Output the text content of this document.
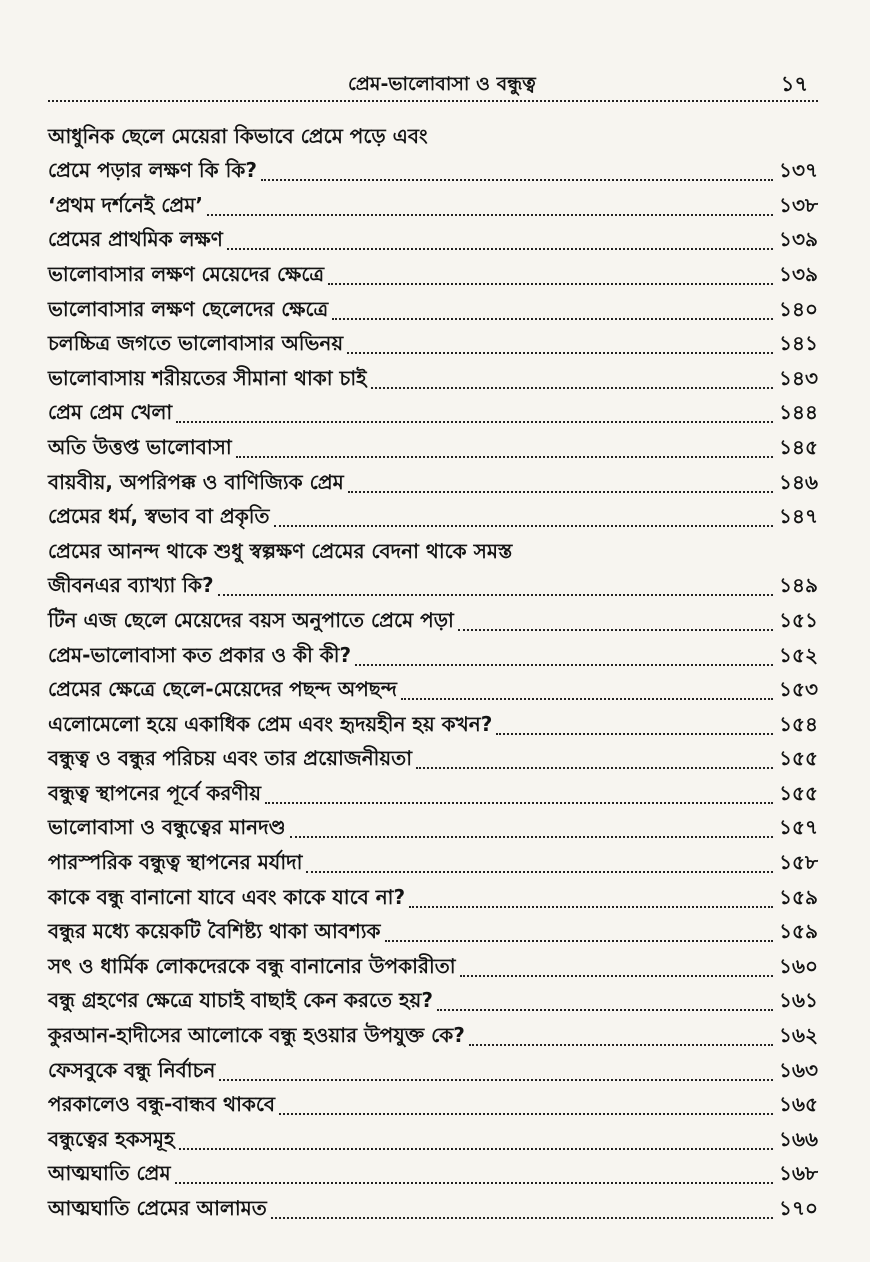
প্রেম-ভালোবাসা ও বন্ধুত্ব	১৭
আধুনিক ছেলে মেয়েরা কিভাবে প্রেমে পড়ে এবং
প্রেমে পড়ার লক্ষণ কি কি?	১৩৭
‘প্রথম দর্শনেই প্রেম’	১৩৮
প্রেমের প্রাথমিক লক্ষণ	১৩৯
ভালোবাসার লক্ষণ মেয়েদের ক্ষেত্রে	১৩৯
ভালোবাসার লক্ষণ ছেলেদের ক্ষেত্রে	১৪০
চলচ্চিত্র জগতে ভালোবাসার অভিনয়	১৪১
ভালোবাসায় শরীয়তের সীমানা থাকা চাই	১৪৩
প্রেম প্রেম খেলা	১৪৪
অতি উত্তপ্ত ভালোবাসা	১৪৫
বায়বীয়, অপরিপক্ক ও বাণিজ্যিক প্রেম	১৪৬
প্রেমের ধর্ম, স্বভাব বা প্রকৃতি	১৪৭
প্রেমের আনন্দ থাকে শুধু স্বল্পক্ষণ প্রেমের বেদনা থাকে সমস্ত
জীবনএর ব্যাখ্যা কি?	১৪৯
টিন এজ ছেলে মেয়েদের বয়স অনুপাতে প্রেমে পড়া	১৫১
প্রেম-ভালোবাসা কত প্রকার ও কী কী?	১৫২
প্রেমের ক্ষেত্রে ছেলে-মেয়েদের পছন্দ অপছন্দ	১৫৩
এলোমেলো হয়ে একাধিক প্রেম এবং হৃদয়হীন হয় কখন?	১৫৪
বন্ধুত্ব ও বন্ধুর পরিচয় এবং তার প্রয়োজনীয়তা	১৫৫
বন্ধুত্ব স্থাপনের পূর্বে করণীয়	১৫৫
ভালোবাসা ও বন্ধুত্বের মানদণ্ড	১৫৭
পারস্পরিক বন্ধুত্ব স্থাপনের মর্যাদা	১৫৮
কাকে বন্ধু বানানো যাবে এবং কাকে যাবে না?	১৫৯
বন্ধুর মধ্যে কয়েকটি বৈশিষ্ট্য থাকা আবশ্যক	১৫৯
সৎ ও ধার্মিক লোকদেরকে বন্ধু বানানোর উপকারীতা	১৬০
বন্ধু গ্রহণের ক্ষেত্রে যাচাই বাছাই কেন করতে হয়?	১৬১
কুরআন-হাদীসের আলোকে বন্ধু হওয়ার উপযুক্ত কে?	১৬২
ফেসবুকে বন্ধু নির্বাচন	১৬৩
পরকালেও বন্ধু-বান্ধব থাকবে	১৬৫
বন্ধুত্বের হকসমূহ	১৬৬
আত্মঘাতি প্রেম	১৬৮
আত্মঘাতি প্রেমের আলামত	১৭০
